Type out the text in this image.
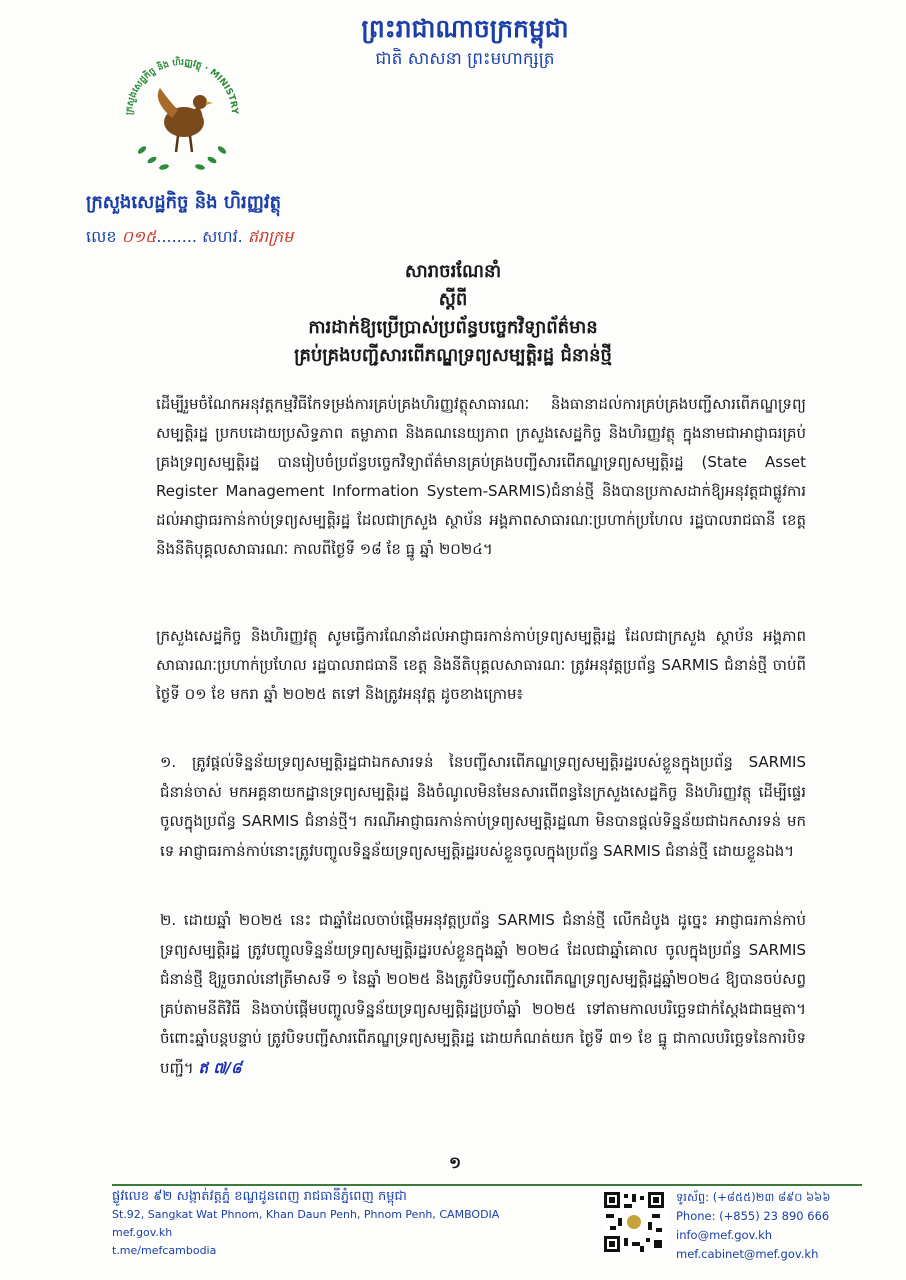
ព្រះរាជាណាចក្រកម្ពុជា
ជាតិ សាសនា ព្រះមហាក្សត្រ
ក្រសួងសេដ្ឋកិច្ច និង ហិរញ្ញវត្ថុ · MINISTRY
ក្រសួងសេដ្ឋកិច្ច និង ហិរញ្ញវត្ថុ
លេខ ០១៥........ សហវ. ឥរាក្រម
សារាចរណែនាំ
ស្តីពី
ការដាក់ឱ្យប្រើប្រាស់ប្រព័ន្ធបច្ចេកវិទ្យាព័ត៌មាន
គ្រប់គ្រងបញ្ជីសារពើភណ្ឌទ្រព្យសម្បត្តិរដ្ឋ ជំនាន់ថ្មី

ដើម្បីរួមចំណែកអនុវត្តកម្មវិធីកែទម្រង់ការគ្រប់គ្រងហិរញ្ញវត្ថុសាធារណៈ និងធានាដល់ការគ្រប់គ្រងបញ្ជីសារពើភណ្ឌទ្រព្យសម្បត្តិរដ្ឋ ប្រកបដោយប្រសិទ្ធភាព តម្លាភាព និងគណនេយ្យភាព ក្រសួងសេដ្ឋកិច្ច និងហិរញ្ញវត្ថុ ក្នុងនាមជាអាជ្ញាធរគ្រប់គ្រងទ្រព្យសម្បត្តិរដ្ឋ បានរៀបចំប្រព័ន្ធបច្ចេកវិទ្យាព័ត៌មានគ្រប់គ្រងបញ្ជីសារពើភណ្ឌទ្រព្យសម្បត្តិរដ្ឋ (State Asset Register Management Information System-SARMIS)ជំនាន់ថ្មី និងបានប្រកាសដាក់ឱ្យអនុវត្តជាផ្លូវការដល់អាជ្ញាធរកាន់កាប់ទ្រព្យសម្បត្តិរដ្ឋ ដែលជាក្រសួង ស្ថាប័ន អង្គភាពសាធារណៈប្រហាក់ប្រហែល រដ្ឋបាលរាជធានី ខេត្ត និងនីតិបុគ្គលសាធារណៈ កាលពីថ្ងៃទី ១៨ ខែ ធ្នូ ឆ្នាំ ២០២៤។

ក្រសួងសេដ្ឋកិច្ច និងហិរញ្ញវត្ថុ សូមធ្វើការណែនាំដល់អាជ្ញាធរកាន់កាប់ទ្រព្យសម្បត្តិរដ្ឋ ដែលជាក្រសួង ស្ថាប័ន អង្គភាពសាធារណៈប្រហាក់ប្រហែល រដ្ឋបាលរាជធានី ខេត្ត និងនីតិបុគ្គលសាធារណៈ ត្រូវអនុវត្តប្រព័ន្ធ SARMIS ជំនាន់ថ្មី ចាប់ពីថ្ងៃទី ០១ ខែ មករា ឆ្នាំ ២០២៥ តទៅ និងត្រូវអនុវត្ត ដូចខាងក្រោម៖

១. ត្រូវផ្តល់ទិន្នន័យទ្រព្យសម្បត្តិរដ្ឋជាឯកសារទន់ នៃបញ្ជីសារពើភណ្ឌទ្រព្យសម្បត្តិរដ្ឋរបស់ខ្លួនក្នុងប្រព័ន្ធ SARMIS ជំនាន់ចាស់ មកអគ្គនាយកដ្ឋានទ្រព្យសម្បត្តិរដ្ឋ និងចំណូលមិនមែនសារពើពន្ធនៃក្រសួងសេដ្ឋកិច្ច និងហិរញ្ញវត្ថុ ដើម្បីផ្ទេរចូលក្នុងប្រព័ន្ធ SARMIS ជំនាន់ថ្មី។ ករណីអាជ្ញាធរកាន់កាប់ទ្រព្យសម្បត្តិរដ្ឋណា មិនបានផ្តល់ទិន្នន័យជាឯកសារទន់ មកទេ អាជ្ញាធរកាន់កាប់នោះត្រូវបញ្ចូលទិន្នន័យទ្រព្យសម្បត្តិរដ្ឋរបស់ខ្លួនចូលក្នុងប្រព័ន្ធ SARMIS ជំនាន់ថ្មី ដោយខ្លួនឯង។
២. ដោយឆ្នាំ ២០២៥ នេះ ជាឆ្នាំដែលចាប់ផ្តើមអនុវត្តប្រព័ន្ធ SARMIS ជំនាន់ថ្មី លើកដំបូង ដូច្នេះ អាជ្ញាធរកាន់កាប់ទ្រព្យសម្បត្តិរដ្ឋ ត្រូវបញ្ចូលទិន្នន័យទ្រព្យសម្បត្តិរដ្ឋរបស់ខ្លួនក្នុងឆ្នាំ ២០២៤ ដែលជាឆ្នាំគោល ចូលក្នុងប្រព័ន្ធ SARMIS ជំនាន់ថ្មី ឱ្យរួចរាល់នៅត្រីមាសទី ១ នៃឆ្នាំ ២០២៥ និងត្រូវបិទបញ្ជីសារពើភណ្ឌទ្រព្យសម្បត្តិរដ្ឋឆ្នាំ២០២៤ ឱ្យបានចប់សព្វគ្រប់តាមនីតិវិធី និងចាប់ផ្តើមបញ្ចូលទិន្នន័យទ្រព្យសម្បត្តិរដ្ឋប្រចាំឆ្នាំ ២០២៥ ទៅតាមកាលបរិច្ឆេទជាក់ស្តែងជាធម្មតា។ ចំពោះឆ្នាំបន្តបន្ទាប់ ត្រូវបិទបញ្ជីសារពើភណ្ឌទ្រព្យសម្បត្តិរដ្ឋ ដោយកំណត់យក ថ្ងៃទី ៣១ ខែ ធ្នូ ជាកាលបរិច្ឆេទនៃការបិទបញ្ជី។ ឥ ៧/៨
១
ផ្លូវលេខ ៩២ សង្កាត់វត្តភ្នំ ខណ្ឌដូនពេញ រាជធានីភ្នំពេញ កម្ពុជា
St.92, Sangkat Wat Phnom, Khan Daun Penh, Phnom Penh, CAMBODIA
mef.gov.kh
t.me/mefcambodia
ទូរស័ព្ទ: (+៨៥៥)២៣ ៨៩០ ៦៦៦
Phone: (+855) 23 890 666
info@mef.gov.kh
mef.cabinet@mef.gov.kh
